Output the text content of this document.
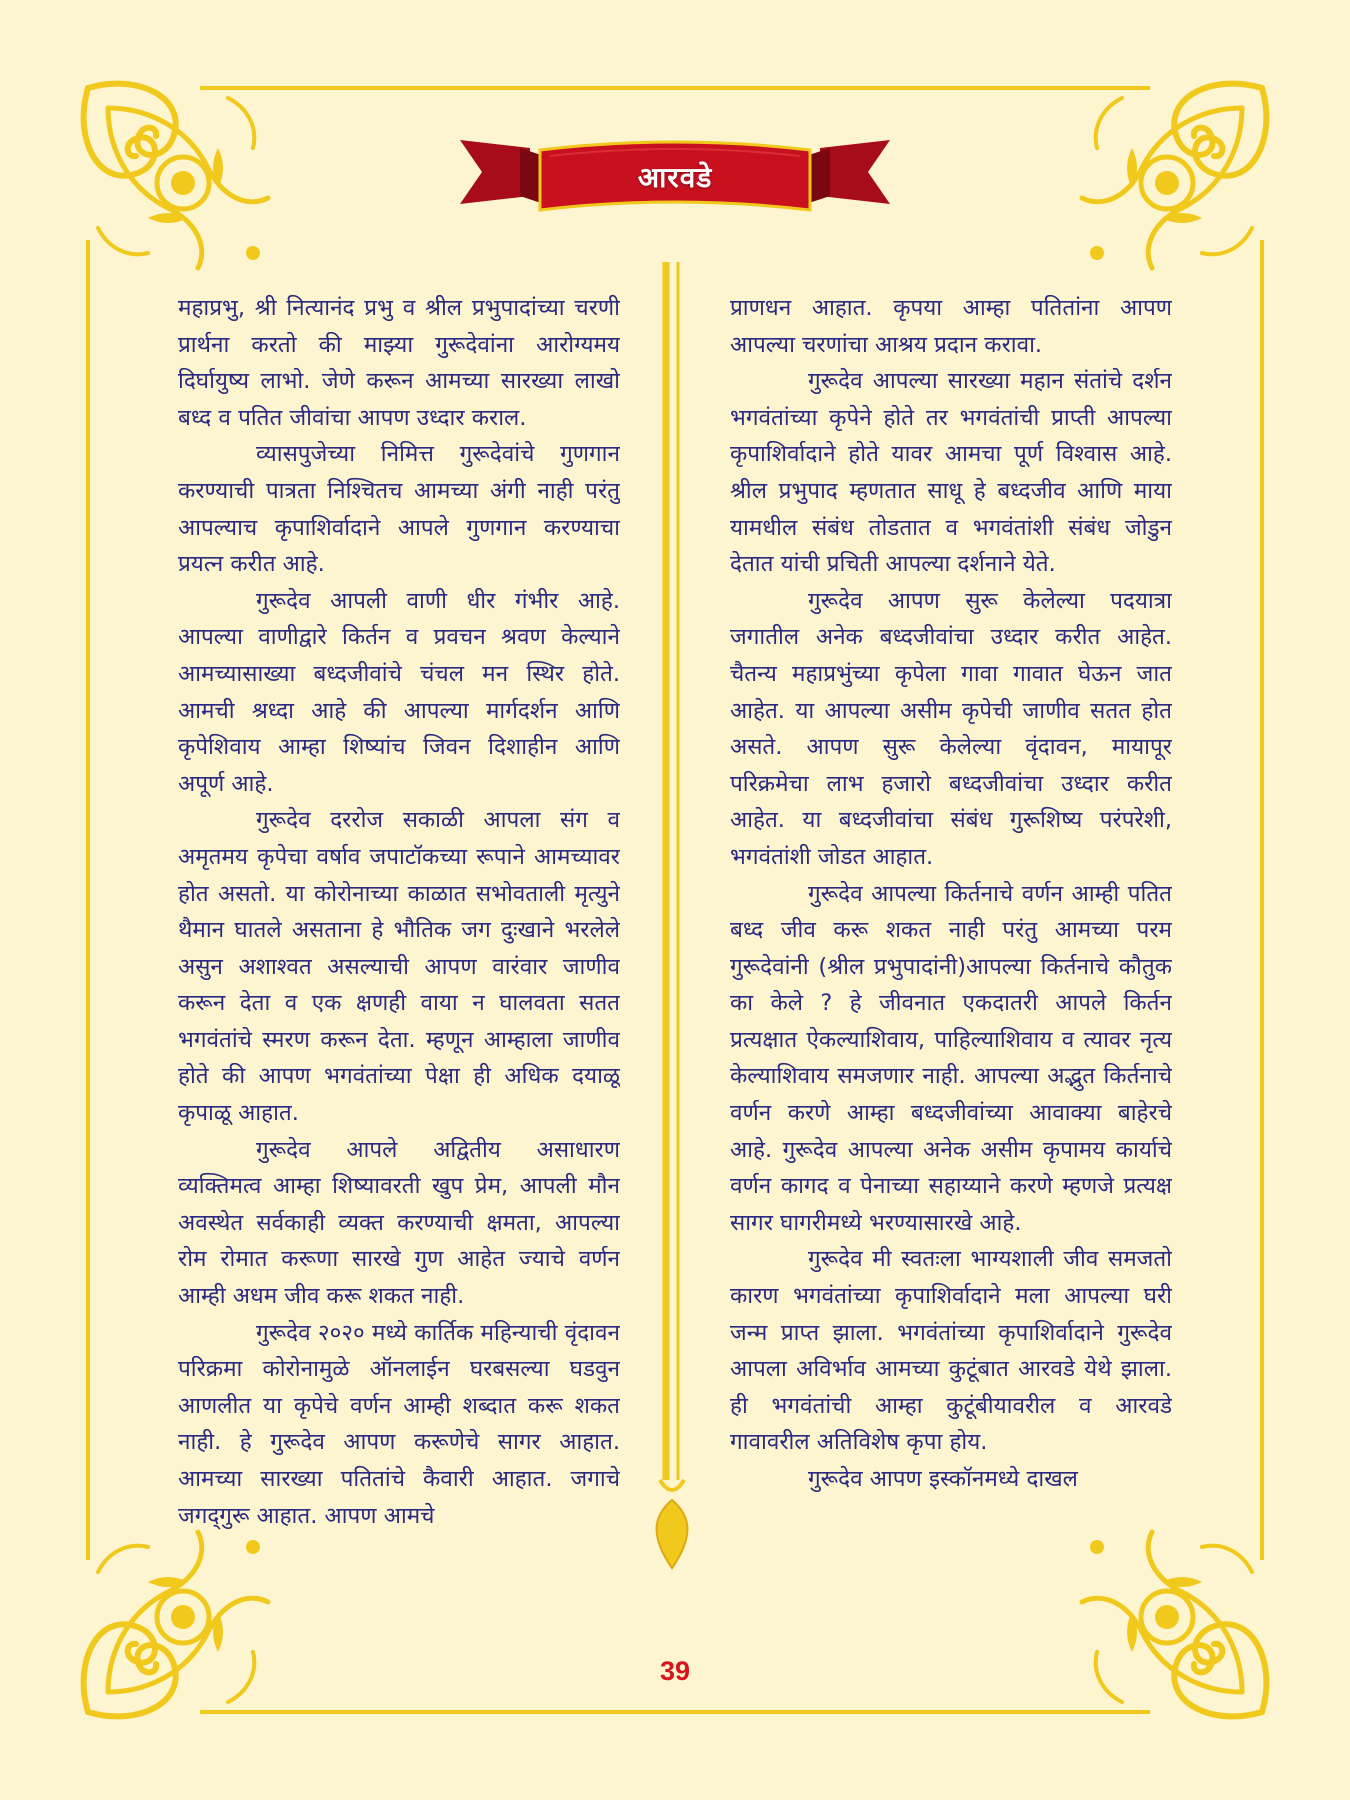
आरवडे

महाप्रभु, श्री नित्यानंद प्रभु व श्रील प्रभुपादांच्या चरणी प्रार्थना करतो की माझ्या गुरूदेवांना आरोग्यमय दिर्घायुष्य लाभो. जेणे करून आमच्या सारख्या लाखो बध्द व पतित जीवांचा आपण उध्दार कराल.

व्यासपुजेच्या निमित्त गुरूदेवांचे गुणगान करण्याची पात्रता निश्चितच आमच्या अंगी नाही परंतु आपल्याच कृपाशिर्वादाने आपले गुणगान करण्याचा प्रयत्न करीत आहे.

गुरूदेव आपली वाणी धीर गंभीर आहे. आपल्या वाणीद्वारे किर्तन व प्रवचन श्रवण केल्याने आमच्यासाख्या बध्दजीवांचे चंचल मन स्थिर होते. आमची श्रध्दा आहे की आपल्या मार्गदर्शन आणि कृपेशिवाय आम्हा शिष्यांच जिवन दिशाहीन आणि अपूर्ण आहे.

गुरूदेव दररोज सकाळी आपला संग व अमृतमय कृपेचा वर्षाव जपाटॉकच्या रूपाने आमच्यावर होत असतो. या कोरोनाच्या काळात सभोवताली मृत्युने थैमान घातले असताना हे भौतिक जग दुःखाने भरलेले असुन अशाश्वत असल्याची आपण वारंवार जाणीव करून देता व एक क्षणही वाया न घालवता सतत भगवंतांचे स्मरण करून देता. म्हणून आम्हाला जाणीव होते की आपण भगवंतांच्या पेक्षा ही अधिक दयाळू कृपाळू आहात.

गुरूदेव आपले अद्वितीय असाधारण व्यक्तिमत्व आम्हा शिष्यावरती खुप प्रेम, आपली मौन अवस्थेत सर्वकाही व्यक्त करण्याची क्षमता, आपल्या रोम रोमात करूणा सारखे गुण आहेत ज्याचे वर्णन आम्ही अधम जीव करू शकत नाही.

गुरूदेव २०२० मध्ये कार्तिक महिन्याची वृंदावन परिक्रमा कोरोनामुळे ऑनलाईन घरबसल्या घडवुन आणलीत या कृपेचे वर्णन आम्ही शब्दात करू शकत नाही. हे गुरूदेव आपण करूणेचे सागर आहात. आमच्या सारख्या पतितांचे कैवारी आहात. जगाचे जगद्‌गुरू आहात. आपण आमचे

प्राणधन आहात. कृपया आम्हा पतितांना आपण आपल्या चरणांचा आश्रय प्रदान करावा.

गुरूदेव आपल्या सारख्या महान संतांचे दर्शन भगवंतांच्या कृपेने होते तर भगवंतांची प्राप्ती आपल्या कृपाशिर्वादाने होते यावर आमचा पूर्ण विश्वास आहे. श्रील प्रभुपाद म्हणतात साधू हे बध्दजीव आणि माया यामधील संबंध तोडतात व भगवंतांशी संबंध जोडुन देतात यांची प्रचिती आपल्या दर्शनाने येते.

गुरूदेव आपण सुरू केलेल्या पदयात्रा जगातील अनेक बध्दजीवांचा उध्दार करीत आहेत. चैतन्य महाप्रभुंच्या कृपेला गावा गावात घेऊन जात आहेत. या आपल्या असीम कृपेची जाणीव सतत होत असते. आपण सुरू केलेल्या वृंदावन, मायापूर परिक्रमेचा लाभ हजारो बध्दजीवांचा उध्दार करीत आहेत. या बध्दजीवांचा संबंध गुरूशिष्य परंपरेशी, भगवंतांशी जोडत आहात.

गुरूदेव आपल्या किर्तनाचे वर्णन आम्ही पतित बध्द जीव करू शकत नाही परंतु आमच्या परम गुरूदेवांनी (श्रील प्रभुपादांनी)आपल्या किर्तनाचे कौतुक का केले ? हे जीवनात एकदातरी आपले किर्तन प्रत्यक्षात ऐकल्याशिवाय, पाहिल्याशिवाय व त्यावर नृत्य केल्याशिवाय समजणार नाही. आपल्या अद्भुत किर्तनाचे वर्णन करणे आम्हा बध्दजीवांच्या आवाक्या बाहेरचे आहे. गुरूदेव आपल्या अनेक असीम कृपामय कार्याचे वर्णन कागद व पेनाच्या सहाय्याने करणे म्हणजे प्रत्यक्ष सागर घागरीमध्ये भरण्यासारखे आहे.

गुरूदेव मी स्वतःला भाग्यशाली जीव समजतो कारण भगवंतांच्या कृपाशिर्वादाने मला आपल्या घरी जन्म प्राप्त झाला. भगवंतांच्या कृपाशिर्वादाने गुरूदेव आपला अविर्भाव आमच्या कुटूंबात आरवडे येथे झाला. ही भगवंतांची आम्हा कुटूंबीयावरील व आरवडे गावावरील अतिविशेष कृपा होय.

गुरूदेव आपण इस्कॉनमध्ये दाखल

39
